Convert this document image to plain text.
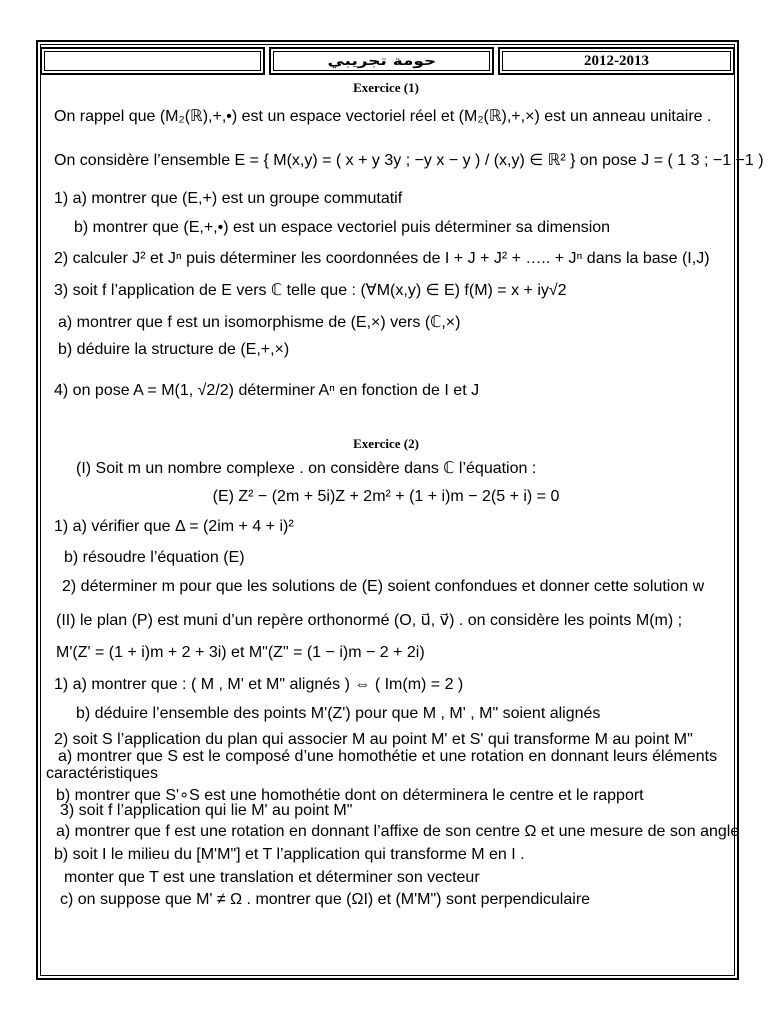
حومة تجريبي	2012-2013
Exercice (1)
On rappel que (M₂(ℝ),+,•) est un espace vectoriel réel et (M₂(ℝ),+,×) est un anneau unitaire .
On considère l’ensemble E = { M(x,y) = ( x + y 3y ; −y x − y ) / (x,y) ∈ ℝ² } on pose J = ( 1 3 ; −1 −1 )
1) a) montrer que (E,+) est un groupe commutatif
b) montrer que (E,+,•) est un espace vectoriel puis déterminer sa dimension
2) calculer J² et Jⁿ puis déterminer les coordonnées de I + J + J² + ….. + Jⁿ dans la base (I,J)
3) soit f l’application de E vers ℂ telle que : (∀M(x,y) ∈ E) f(M) = x + iy√2
a) montrer que f est un isomorphisme de (E,×) vers (ℂ,×)
b) déduire la structure de (E,+,×)
4) on pose A = M(1, √2/2) déterminer Aⁿ en fonction de I et J
Exercice (2)
(I) Soit m un nombre complexe . on considère dans ℂ l’équation :
(E) Z² − (2m + 5i)Z + 2m² + (1 + i)m − 2(5 + i) = 0
1) a) vérifier que Δ = (2im + 4 + i)²
b) résoudre l’équation (E)
2) déterminer m pour que les solutions de (E) soient confondues et donner cette solution w
(II) le plan (P) est muni d’un repère orthonormé (O, u⃗, v⃗) . on considère les points M(m) ;
M'(Z' = (1 + i)m + 2 + 3i) et M"(Z" = (1 − i)m − 2 + 2i)
1) a) montrer que : ( M , M' et M" alignés ) ⇔ ( Im(m) = 2 )
b) déduire l’ensemble des points M'(Z') pour que M , M' , M" soient alignés
2) soit S l’application du plan qui associer M au point M' et S' qui transforme M au point M"
a) montrer que S est le composé d’une homothétie et une rotation en donnant leurs éléments
caractéristiques
b) montrer que S'∘S est une homothétie dont on déterminera le centre et le rapport
3) soit f l’application qui lie M' au point M"
a) montrer que f est une rotation en donnant l’affixe de son centre Ω et une mesure de son angle
b) soit I le milieu du [M'M"] et T l’application qui transforme M en I .
monter que T est une translation et déterminer son vecteur
c) on suppose que M' ≠ Ω . montrer que (ΩI) et (M'M") sont perpendiculaire
